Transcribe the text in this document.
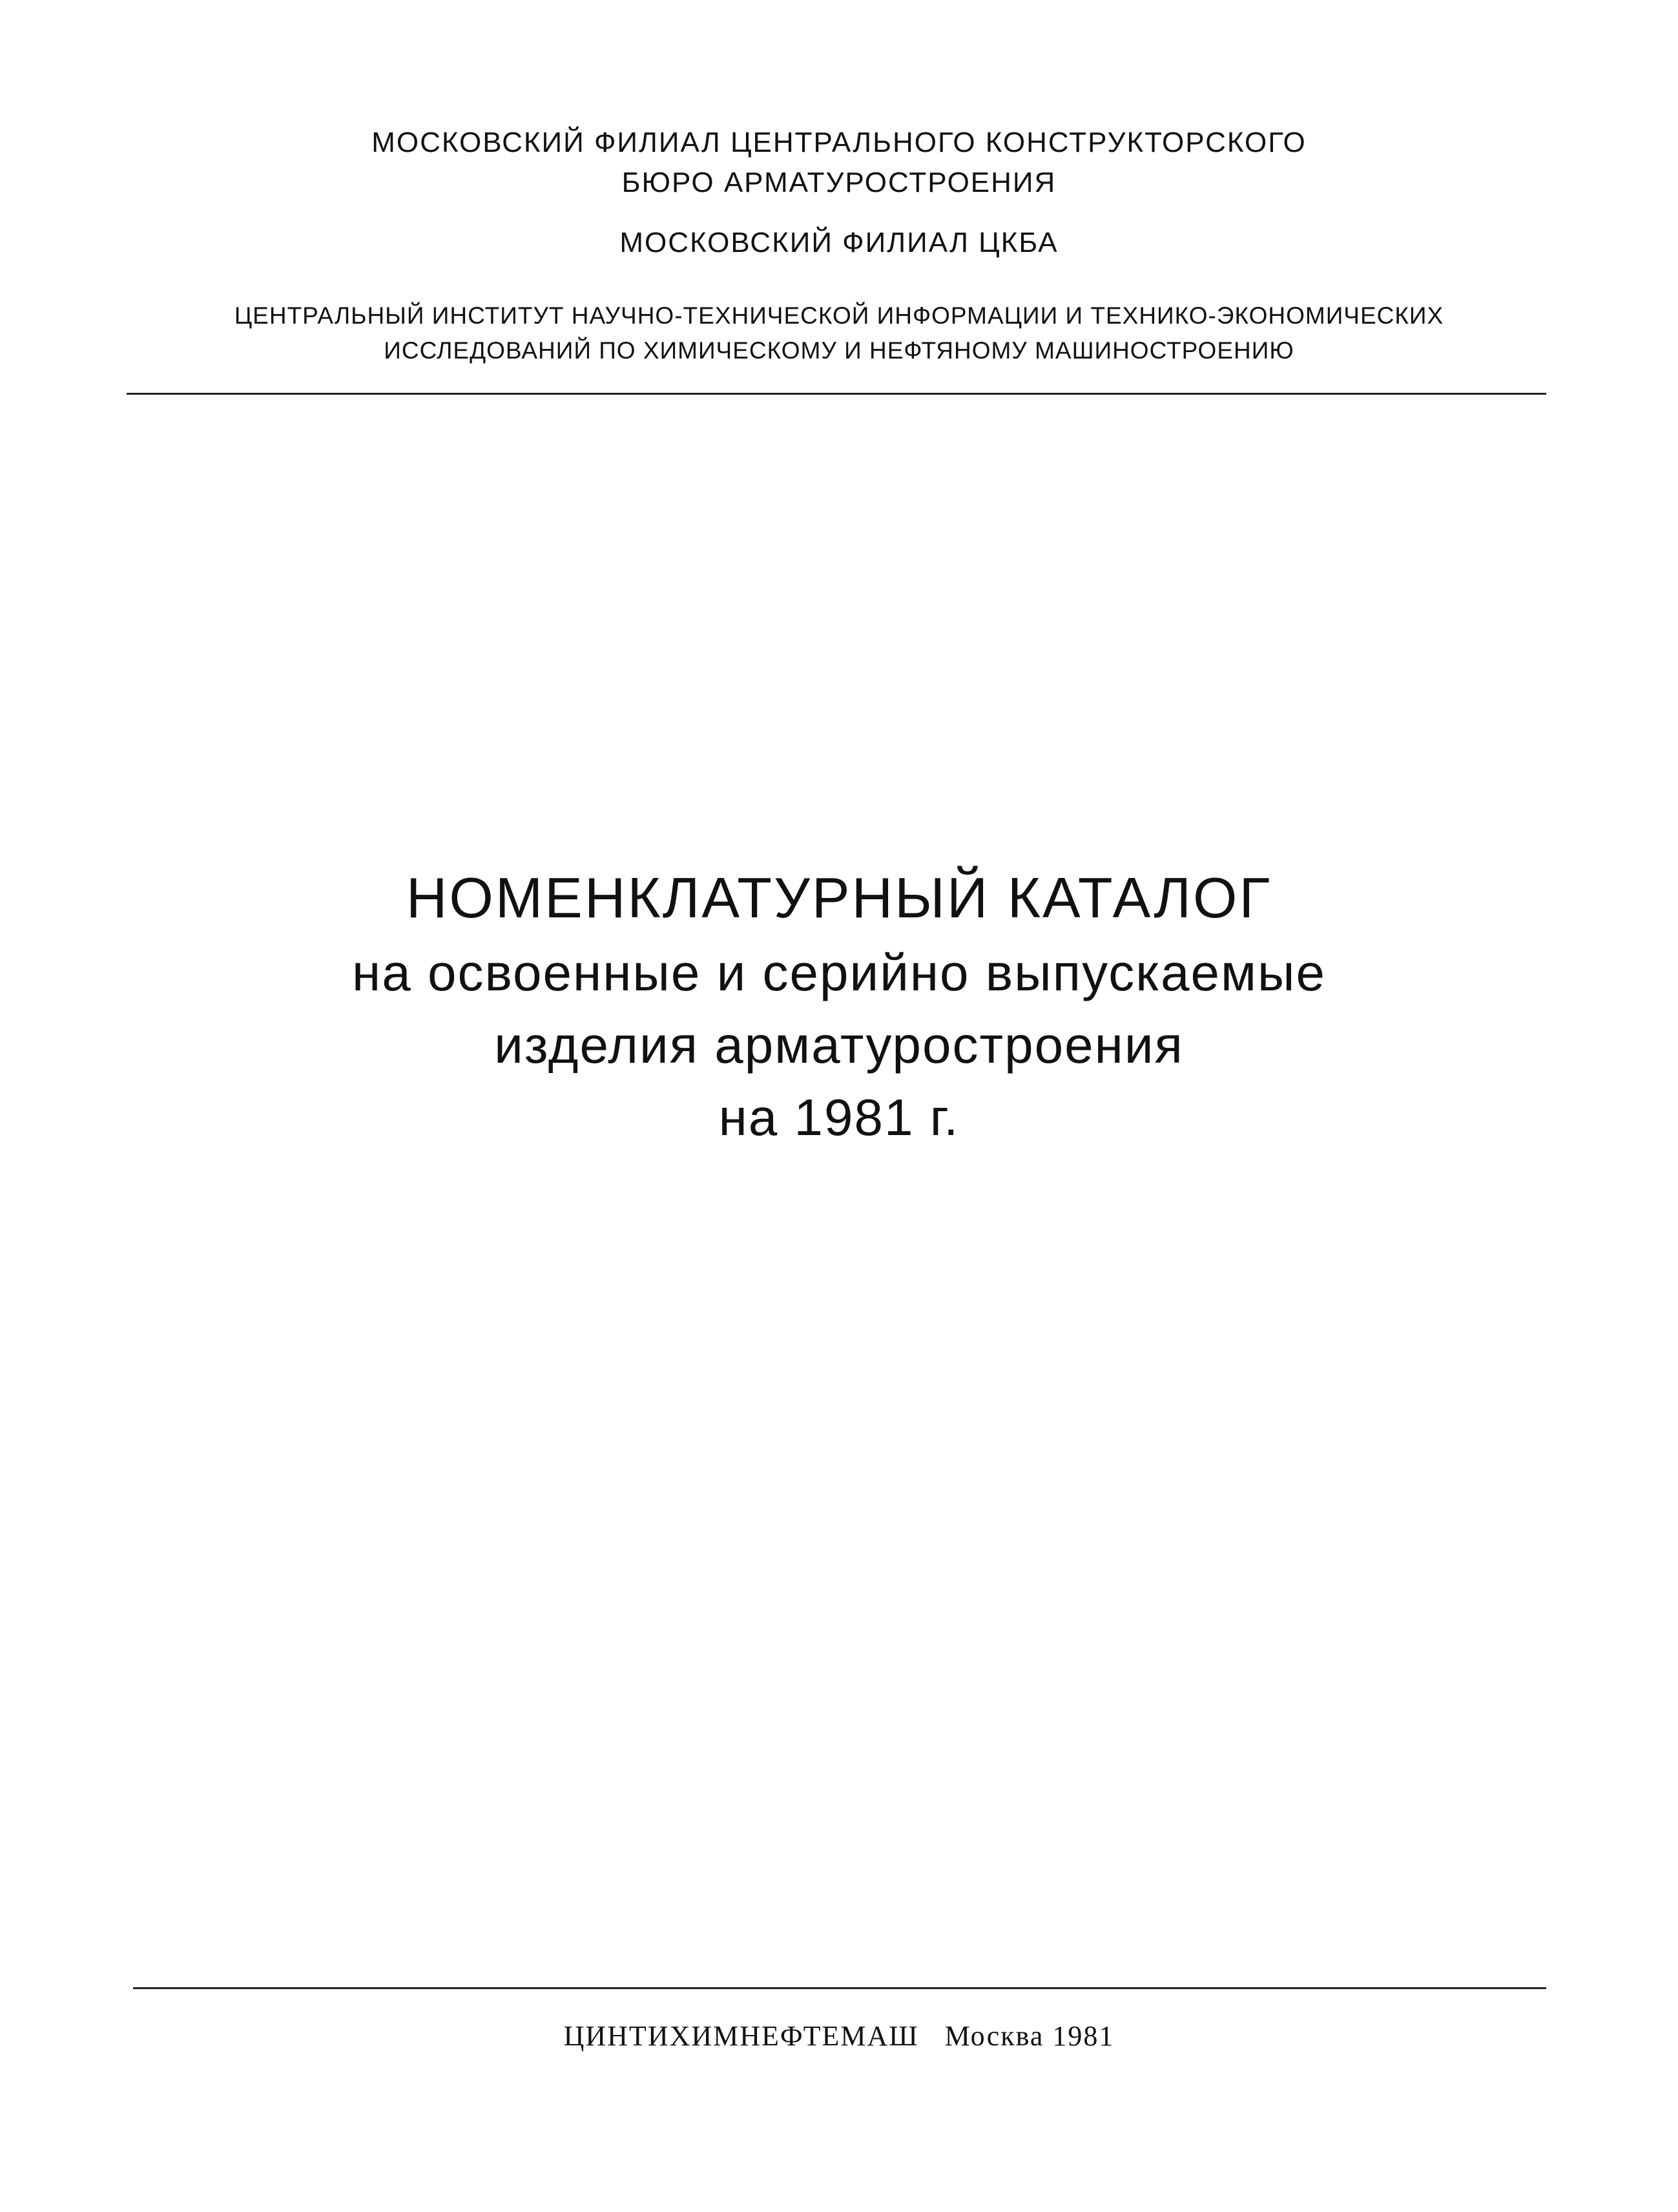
МОСКОВСКИЙ ФИЛИАЛ ЦЕНТРАЛЬНОГО КОНСТРУКТОРСКОГО
БЮРО АРМАТУРОСТРОЕНИЯ
МОСКОВСКИЙ ФИЛИАЛ ЦКБА
ЦЕНТРАЛЬНЫЙ ИНСТИТУТ НАУЧНО-ТЕХНИЧЕСКОЙ ИНФОРМАЦИИ И ТЕХНИКО-ЭКОНОМИЧЕСКИХ
ИССЛЕДОВАНИЙ ПО ХИМИЧЕСКОМУ И НЕФТЯНОМУ МАШИНОСТРОЕНИЮ
НОМЕНКЛАТУРНЫЙ КАТАЛОГ

на освоенные и серийно выпускаемые

изделия арматуростроения

на 1981 г.

ЦИНТИХИМНЕФТЕМАШ Москва 1981
